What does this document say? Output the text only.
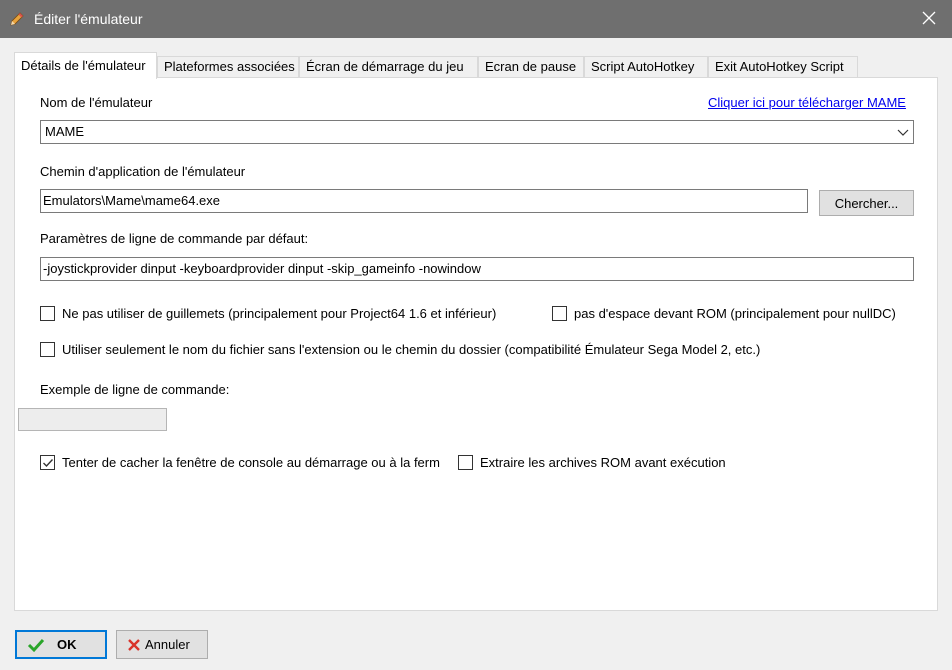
Éditer l'émulateur
Détails de l'émulateur	Plateformes associées Écran de démarrage du jeu	Ecran de pause	Script AutoHotkey	Exit AutoHotkey Script
Nom de l'émulateur	Cliquer ici pour télécharger MAME
MAME
Chemin d'application de l'émulateur
Emulators\Mame\mame64.exe	Chercher...
Paramètres de ligne de commande par défaut:
-joystickprovider dinput -keyboardprovider dinput -skip_gameinfo -nowindow
Ne pas utiliser de guillemets (principalement pour Project64 1.6 et inférieur)	pas d'espace devant ROM (principalement pour nullDC)
Utiliser seulement le nom du fichier sans l'extension ou le chemin du dossier (compatibilité Émulateur Sega Model 2, etc.)
Exemple de ligne de commande:
Tenter de cacher la fenêtre de console au démarrage ou à la ferm	Extraire les archives ROM avant exécution
OK	Annuler
